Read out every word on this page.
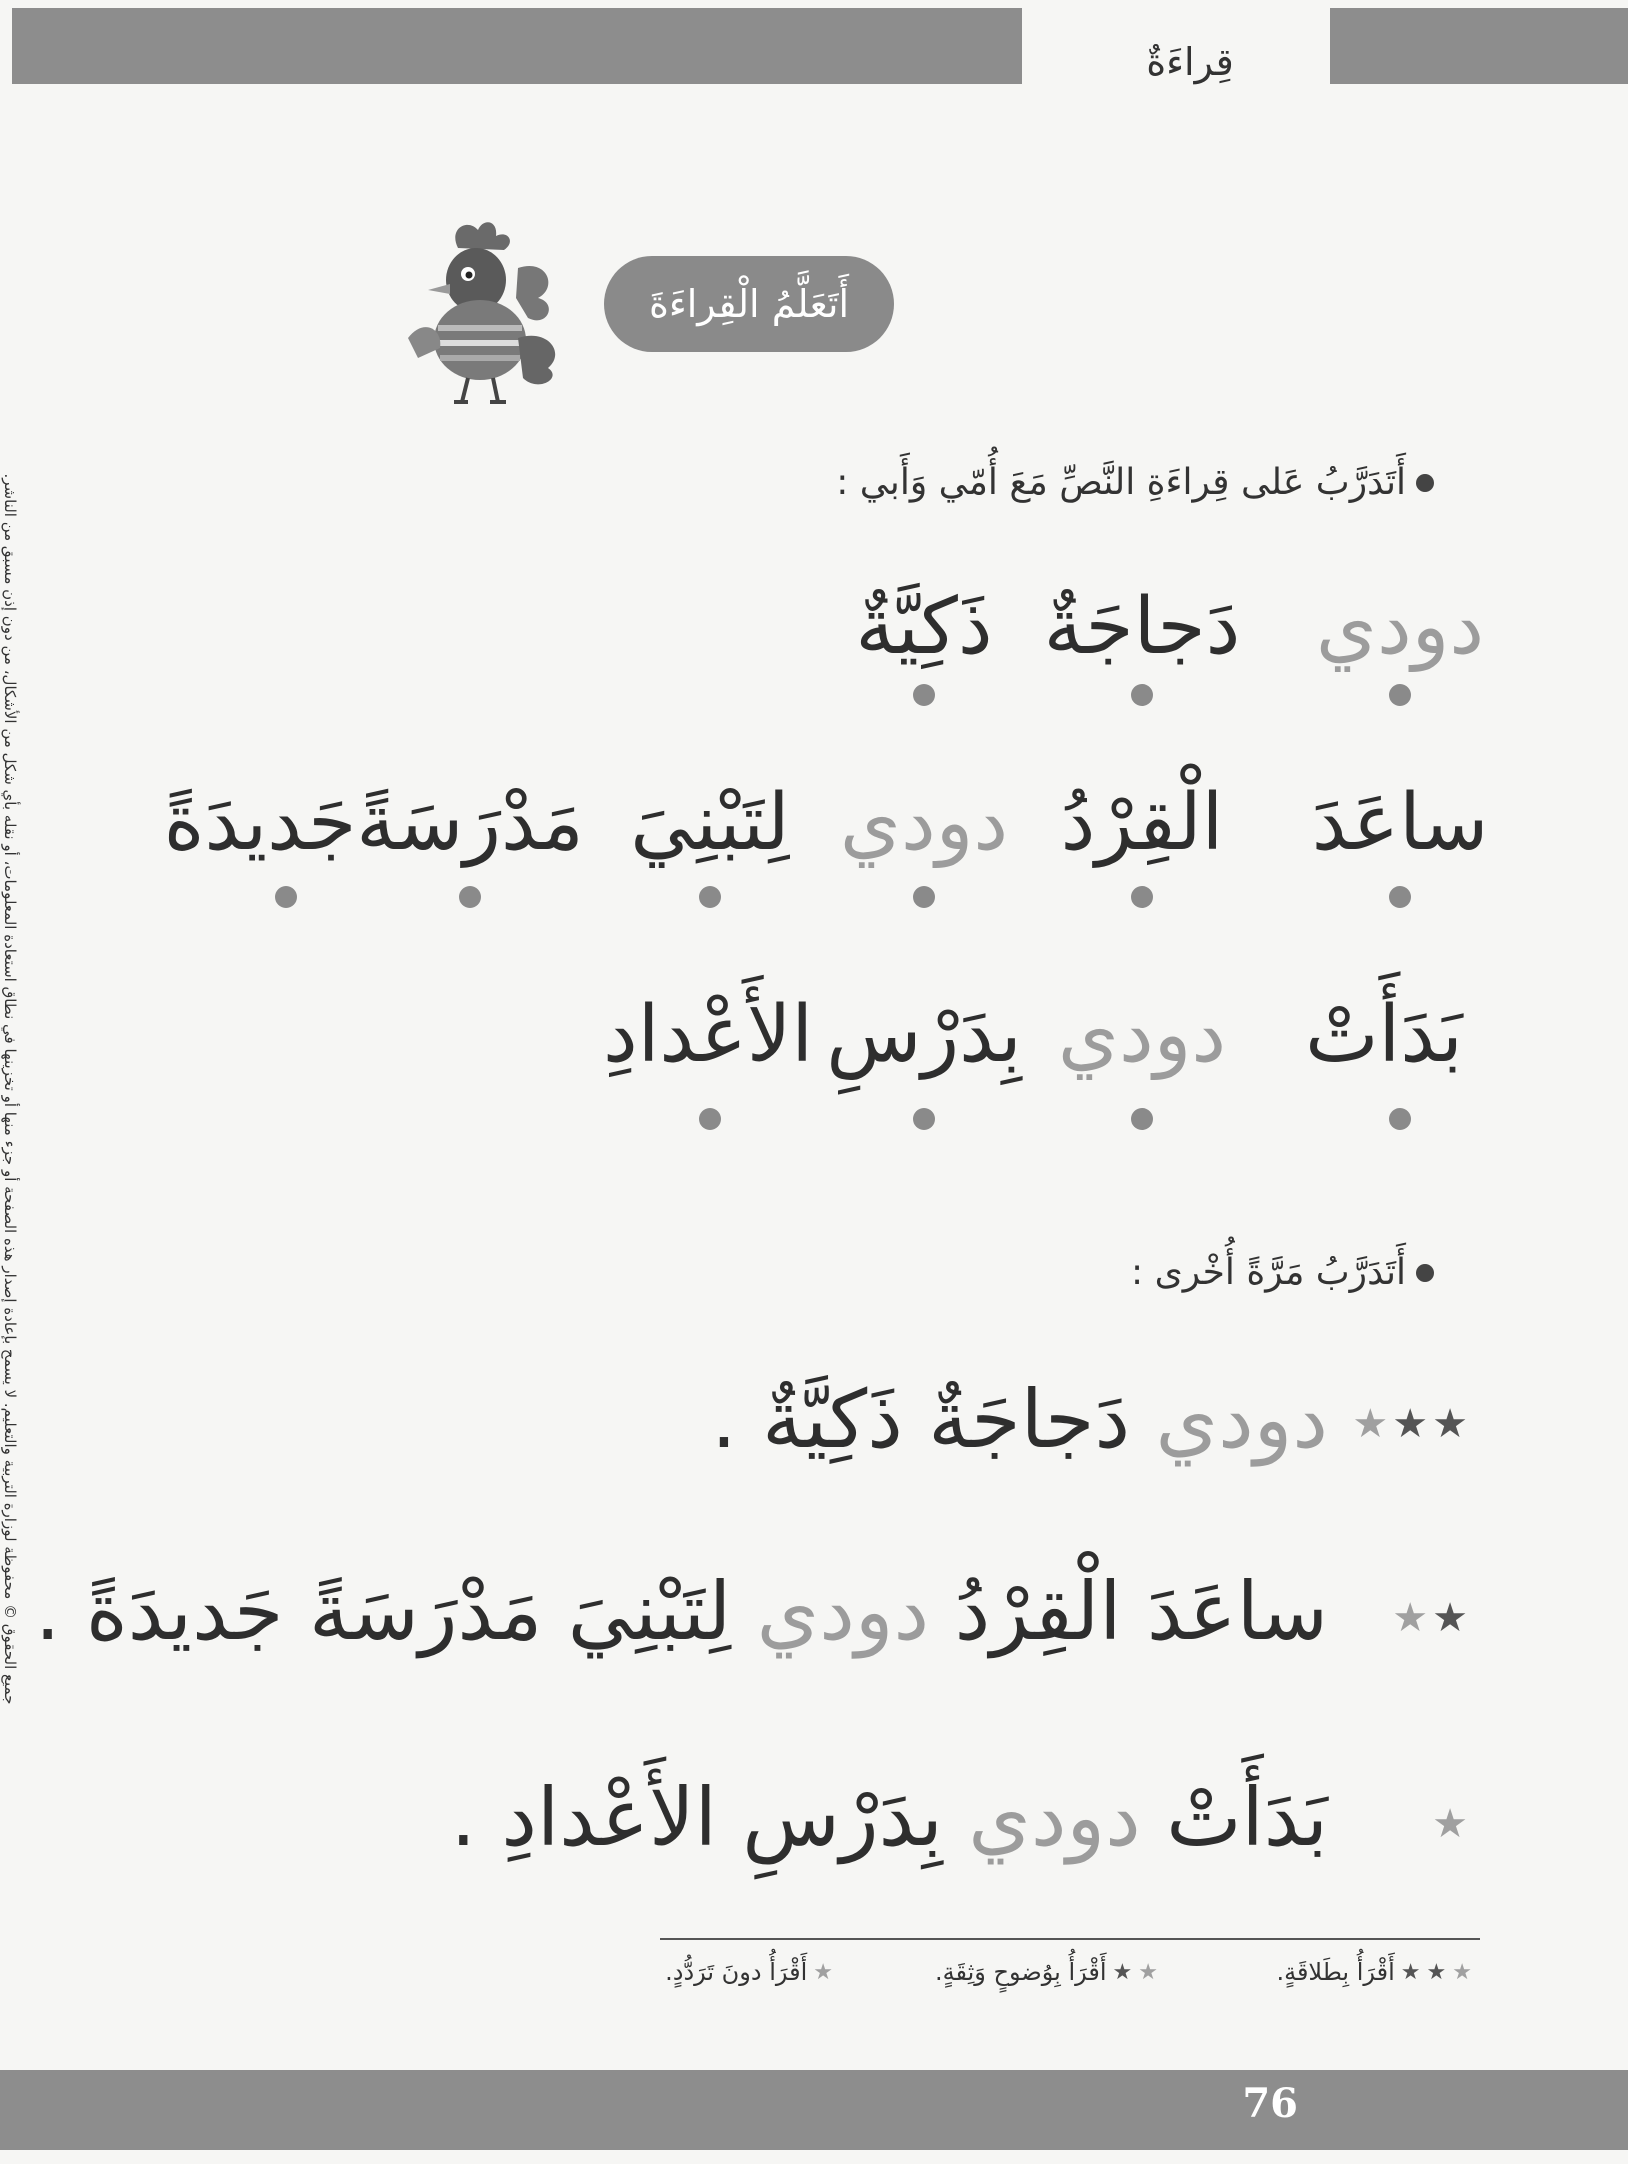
قِراءَةٌ
أَتَعَلَّمُ الْقِراءَةَ
أَتَدَرَّبُ عَلى قِراءَةِ النَّصِّ مَعَ أُمّي وَأَبي :
دودي
دَجاجَةٌ
ذَكِيَّةٌ
ساعَدَ
الْقِرْدُ
دودي
لِتَبْنِيَ
مَدْرَسَةً
جَديدَةً
بَدَأَتْ
دودي
بِدَرْسِ
الأَعْدادِ
أَتَدَرَّبُ مَرَّةً أُخْرى :
★ ★ ★
دودي دَجاجَةٌ ذَكِيَّةٌ .
★ ★
ساعَدَ الْقِرْدُ دودي لِتَبْنِيَ مَدْرَسَةً جَديدَةً .
★
بَدَأَتْ دودي بِدَرْسِ الأَعْدادِ .
★
★
★
أَقْرَأُ بِطَلاقَةٍ.
★
★
أَقْرَأُ بِوُضوحٍ وَثِقَةٍ.
★
أَقْرَأُ دونَ تَرَدُّدٍ.
76
جميع الحقوق © محفوظة لوزارة التربية والتعليم. لا يسمح بإعادة إصدار هذه الصفحة أو جزء منها أو تخزينها في نطاق استعادة المعلومات، أو نقله بأي شكل من الأشكال، من دون إذن مسبق من الناشر.
